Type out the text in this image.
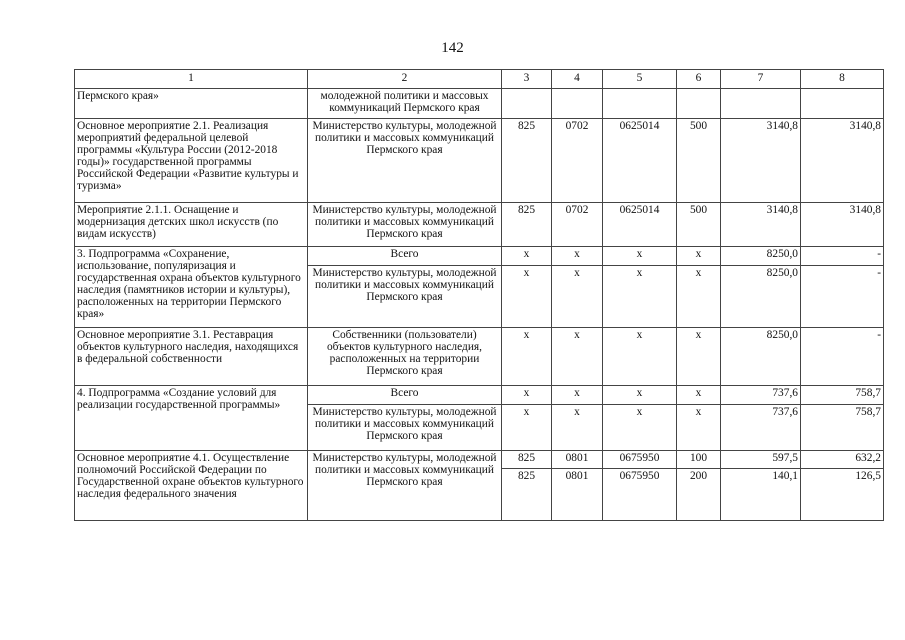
142
1	2	3	4	5	6	7	8
Пермского края»	молодежной политики и массовых коммуникаций Пермского края						
Основное мероприятие 2.1. Реализация мероприятий федеральной целевой программы «Культура России (2012-2018 годы)» государственной программы Российской Федерации «Развитие культуры и туризма»	Министерство культуры, молодежной политики и массовых коммуникаций Пермского края	825	0702	0625014	500	3140,8	3140,8
Мероприятие 2.1.1. Оснащение и модернизация детских школ искусств (по видам искусств)	Министерство культуры, молодежной политики и массовых коммуникаций Пермского края	825	0702	0625014	500	3140,8	3140,8
3. Подпрограмма «Сохранение, использование, популяризация и государственная охрана объектов культурного наследия (памятников истории и культуры), расположенных на территории Пермского края»	Всего	х	х	х	х	8250,0	-
	Министерство культуры, молодежной политики и массовых коммуникаций Пермского края	х	х	х	х	8250,0	-
Основное мероприятие 3.1. Реставрация объектов культурного наследия, находящихся в федеральной собственности	Собственники (пользователи) объектов культурного наследия, расположенных на территории Пермского края	х	х	х	х	8250,0	-
4. Подпрограмма «Создание условий для реализации государственной программы»	Всего	х	х	х	х	737,6	758,7
	Министерство культуры, молодежной политики и массовых коммуникаций Пермского края	х	х	х	х	737,6	758,7
Основное мероприятие 4.1. Осуществление полномочий Российской Федерации по Государственной охране объектов культурного наследия федерального значения	Министерство культуры, молодежной политики и массовых коммуникаций Пермского края	825	0801	0675950	100	597,5	632,2
		825	0801	0675950	200	140,1	126,5
